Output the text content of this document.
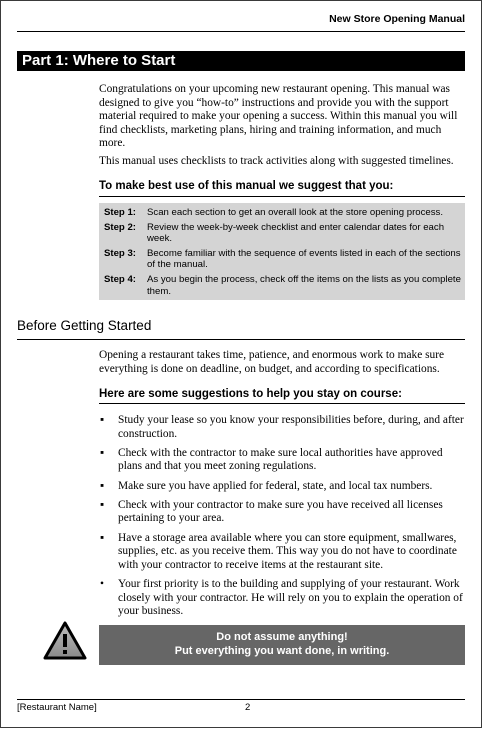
New Store Opening Manual
Part 1: Where to Start

Congratulations on your upcoming new restaurant opening. This manual was designed to give you “how-to” instructions and provide you with the support material required to make your opening a success. Within this manual you will find checklists, marketing plans, hiring and training information, and much more.

This manual uses checklists to track activities along with suggested timelines.

To make best use of this manual we suggest that you:
Step 1:	Scan each section to get an overall look at the store opening process.
Step 2:	Review the week-by-week checklist and enter calendar dates for each week.
Step 3:	Become familiar with the sequence of events listed in each of the sections of the manual.
Step 4:	As you begin the process, check off the items on the lists as you complete them.
Before Getting Started

Opening a restaurant takes time, patience, and enormous work to make sure everything is done on deadline, on budget, and according to specifications.

Here are some suggestions to help you stay on course:
▪ Study your lease so you know your responsibilities before, during, and after construction.
▪ Check with the contractor to make sure local authorities have approved plans and that you meet zoning regulations.
▪ Make sure you have applied for federal, state, and local tax numbers.
▪ Check with your contractor to make sure you have received all licenses pertaining to your area.
▪ Have a storage area available where you can store equipment, smallwares, supplies, etc. as you receive them. This way you do not have to coordinate with your contractor to receive items at the restaurant site.
• Your first priority is to the building and supplying of your restaurant. Work closely with your contractor. He will rely on you to explain the operation of your business.
Do not assume anything!
Put everything you want done, in writing.
[Restaurant Name]	2
